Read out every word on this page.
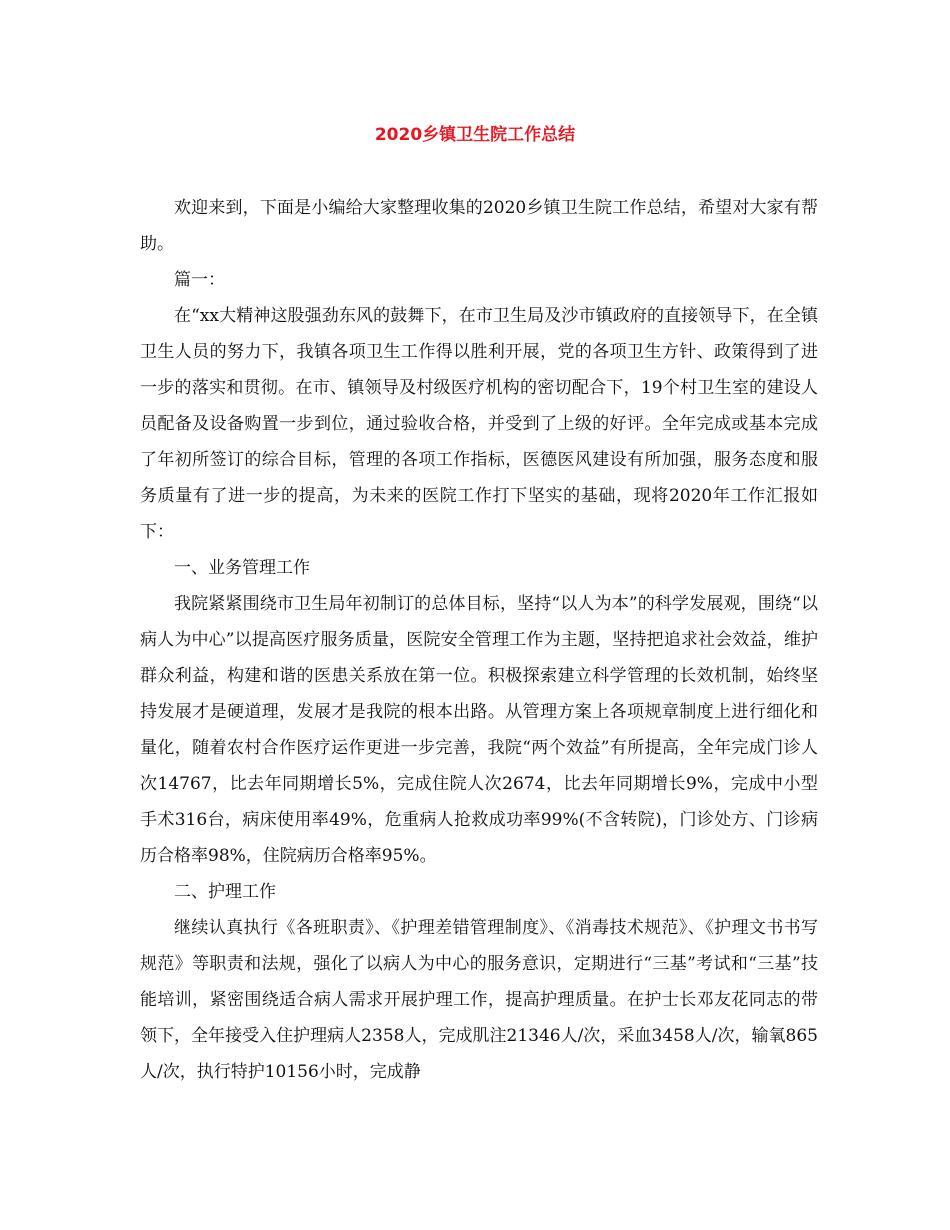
2020乡镇卫生院工作总结

欢迎来到，下面是小编给大家整理收集的2020乡镇卫生院工作总结，希望对大家有帮助。

篇一：

在“xx大精神这股强劲东风的鼓舞下，在市卫生局及沙市镇政府的直接领导下，在全镇卫生人员的努力下，我镇各项卫生工作得以胜利开展，党的各项卫生方针、政策得到了进一步的落实和贯彻。在市、镇领导及村级医疗机构的密切配合下，19个村卫生室的建设人员配备及设备购置一步到位，通过验收合格，并受到了上级的好评。全年完成或基本完成了年初所签订的综合目标，管理的各项工作指标，医德医风建设有所加强，服务态度和服务质量有了进一步的提高，为未来的医院工作打下坚实的基础，现将2020年工作汇报如下：

一、业务管理工作

我院紧紧围绕市卫生局年初制订的总体目标，坚持“以人为本”的科学发展观，围绕“以病人为中心”以提高医疗服务质量，医院安全管理工作为主题，坚持把追求社会效益，维护群众利益，构建和谐的医患关系放在第一位。积极探索建立科学管理的长效机制，始终坚持发展才是硬道理，发展才是我院的根本出路。从管理方案上各项规章制度上进行细化和量化，随着农村合作医疗运作更进一步完善，我院“两个效益”有所提高，全年完成门诊人次14767，比去年同期增长5%，完成住院人次2674，比去年同期增长9%，完成中小型手术316台，病床使用率49%，危重病人抢救成功率99%(不含转院)，门诊处方、门诊病历合格率98%，住院病历合格率95%。

二、护理工作

继续认真执行《各班职责》、《护理差错管理制度》、《消毒技术规范》、《护理文书书写规范》等职责和法规，强化了以病人为中心的服务意识，定期进行“三基”考试和“三基”技能培训，紧密围绕适合病人需求开展护理工作，提高护理质量。在护士长邓友花同志的带领下，全年接受入住护理病人2358人，完成肌注21346人/次，采血3458人/次，输氧865人/次，执行特护10156小时，完成静
